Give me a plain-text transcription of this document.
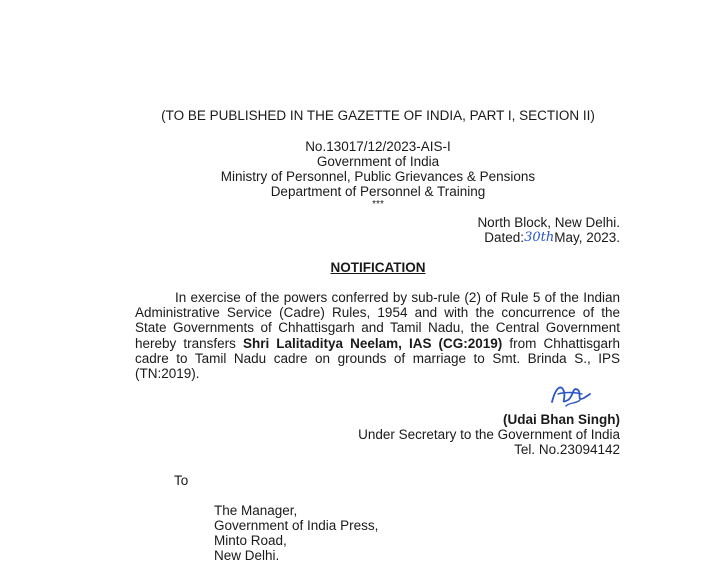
(TO BE PUBLISHED IN THE GAZETTE OF INDIA, PART I, SECTION II)
No.13017/12/2023-AIS-I
Government of India
Ministry of Personnel, Public Grievances & Pensions
Department of Personnel & Training
***
North Block, New Delhi.
Dated:30thMay, 2023.
NOTIFICATION
In exercise of the powers conferred by sub-rule (2) of Rule 5 of the Indian Administrative Service (Cadre) Rules, 1954 and with the concurrence of the State Governments of Chhattisgarh and Tamil Nadu, the Central Government hereby transfers Shri Lalitaditya Neelam, IAS (CG:2019) from Chhattisgarh cadre to Tamil Nadu cadre on grounds of marriage to Smt. Brinda S., IPS (TN:2019).
(Udai Bhan Singh)
Under Secretary to the Government of India
Tel. No.23094142
To
The Manager,
Government of India Press,
Minto Road,
New Delhi.
